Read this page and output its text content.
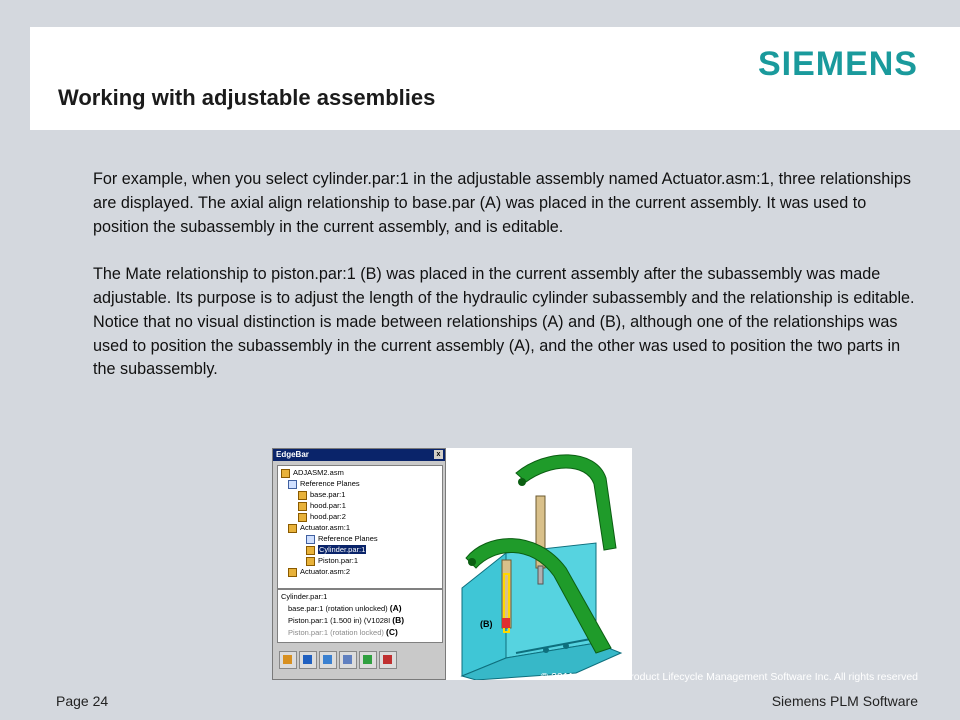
SIEMENS
Working with adjustable assemblies

For example, when you select cylinder.par:1 in the adjustable assembly named Actuator.asm:1, three relationships are displayed. The axial align relationship to base.par (A) was placed in the current assembly. It was used to position the subassembly in the current assembly, and is editable.

The Mate relationship to piston.par:1 (B) was placed in the current assembly after the subassembly was made adjustable. Its purpose is to adjust the length of the hydraulic cylinder subassembly and the relationship is editable.

Notice that no visual distinction is made between relationships (A) and (B), although one of the relationships was used to position the subassembly in the current assembly (A), and the other was used to position the two parts in the subassembly.

EdgeBar	x
ADJASM2.asm
Reference Planes
base.par:1
hood.par:1
hood.par:2
Actuator.asm:1
Reference Planes
Cylinder.par:1
Piston.par:1
Actuator.asm:2
Cylinder.par:1
base.par:1 (rotation unlocked) (A)
Piston.par:1 (1.500 in) (V1028I (B)
Piston.par:1 (rotation locked) (C)
(B)
© 2011. Siemens Product Lifecycle Management Software Inc. All rights reserved
Page 24	Siemens PLM Software
